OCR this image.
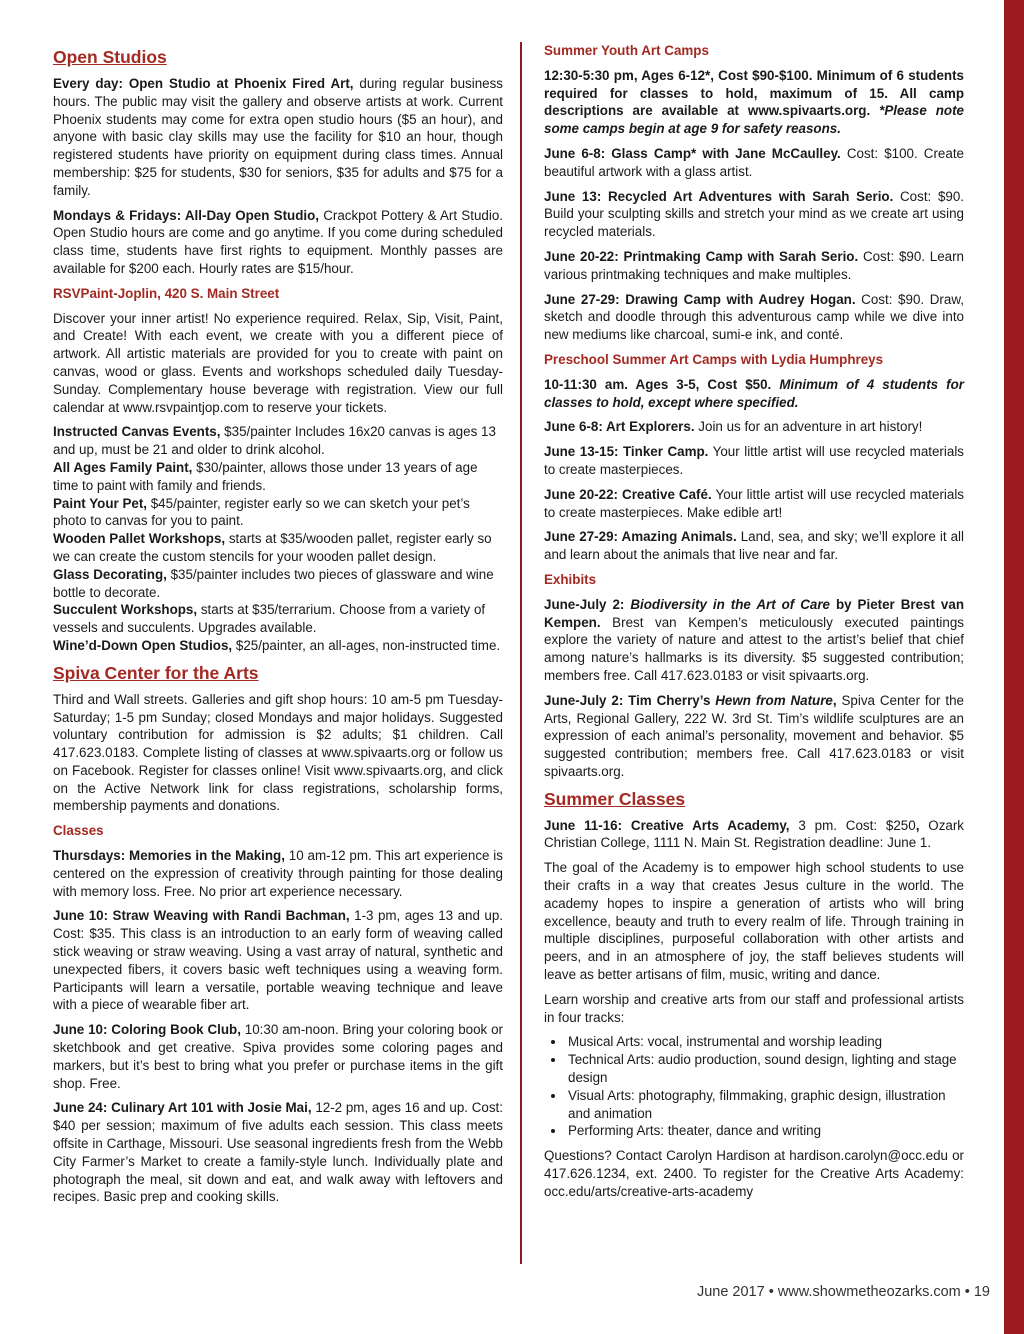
Open Studios

Every day: Open Studio at Phoenix Fired Art, during regular business hours. The public may visit the gallery and observe artists at work. Current Phoenix students may come for extra open studio hours ($5 an hour), and anyone with basic clay skills may use the facility for $10 an hour, though registered students have priority on equipment during class times. Annual membership: $25 for students, $30 for seniors, $35 for adults and $75 for a family.

Mondays & Fridays: All-Day Open Studio, Crackpot Pottery & Art Studio. Open Studio hours are come and go anytime. If you come during scheduled class time, students have first rights to equipment. Monthly passes are available for $200 each. Hourly rates are $15/hour.

RSVPaint-Joplin, 420 S. Main Street

Discover your inner artist! No experience required. Relax, Sip, Visit, Paint, and Create! With each event, we create with you a different piece of artwork. All artistic materials are provided for you to create with paint on canvas, wood or glass. Events and workshops scheduled daily Tuesday-Sunday. Complementary house beverage with registration. View our full calendar at www.rsvpaintjop.com to reserve your tickets.

Instructed Canvas Events, $35/painter Includes 16x20 canvas is ages 13 and up, must be 21 and older to drink alcohol.

All Ages Family Paint, $30/painter, allows those under 13 years of age time to paint with family and friends.

Paint Your Pet, $45/painter, register early so we can sketch your pet’s photo to canvas for you to paint.

Wooden Pallet Workshops, starts at $35/wooden pallet, register early so we can create the custom stencils for your wooden pallet design.

Glass Decorating, $35/painter includes two pieces of glassware and wine bottle to decorate.

Succulent Workshops, starts at $35/terrarium. Choose from a variety of vessels and succulents. Upgrades available.

Wine’d-Down Open Studios, $25/painter, an all-ages, non-instructed time.

Spiva Center for the Arts

Third and Wall streets. Galleries and gift shop hours: 10 am-5 pm Tuesday-Saturday; 1-5 pm Sunday; closed Mondays and major holidays. Suggested voluntary contribution for admission is $2 adults; $1 children. Call 417.623.0183. Complete listing of classes at www.spivaarts.org or follow us on Facebook. Register for classes online! Visit www.spivaarts.org, and click on the Active Network link for class registrations, scholarship forms, membership payments and donations.

Classes

Thursdays: Memories in the Making, 10 am-12 pm. This art experience is centered on the expression of creativity through painting for those dealing with memory loss. Free. No prior art experience necessary.

June 10: Straw Weaving with Randi Bachman, 1-3 pm, ages 13 and up. Cost: $35. This class is an introduction to an early form of weaving called stick weaving or straw weaving. Using a vast array of natural, synthetic and unexpected fibers, it covers basic weft techniques using a weaving form. Participants will learn a versatile, portable weaving technique and leave with a piece of wearable fiber art.

June 10: Coloring Book Club, 10:30 am-noon. Bring your coloring book or sketchbook and get creative. Spiva provides some coloring pages and markers, but it’s best to bring what you prefer or purchase items in the gift shop. Free.

June 24: Culinary Art 101 with Josie Mai, 12-2 pm, ages 16 and up. Cost: $40 per session; maximum of five adults each session. This class meets offsite in Carthage, Missouri. Use seasonal ingredients fresh from the Webb City Farmer’s Market to create a family-style lunch. Individually plate and photograph the meal, sit down and eat, and walk away with leftovers and recipes. Basic prep and cooking skills.

Summer Youth Art Camps

12:30-5:30 pm, Ages 6-12*, Cost $90-$100. Minimum of 6 students required for classes to hold, maximum of 15. All camp descriptions are available at www.spivaarts.org. *Please note some camps begin at age 9 for safety reasons.

June 6-8: Glass Camp* with Jane McCaulley. Cost: $100. Create beautiful artwork with a glass artist.

June 13: Recycled Art Adventures with Sarah Serio. Cost: $90. Build your sculpting skills and stretch your mind as we create art using recycled materials.

June 20-22: Printmaking Camp with Sarah Serio. Cost: $90. Learn various printmaking techniques and make multiples.

June 27-29: Drawing Camp with Audrey Hogan. Cost: $90. Draw, sketch and doodle through this adventurous camp while we dive into new mediums like charcoal, sumi-e ink, and conté.

Preschool Summer Art Camps with Lydia Humphreys

10-11:30 am. Ages 3-5, Cost $50. Minimum of 4 students for classes to hold, except where specified.

June 6-8: Art Explorers. Join us for an adventure in art history!

June 13-15: Tinker Camp. Your little artist will use recycled materials to create masterpieces.

June 20-22: Creative Café. Your little artist will use recycled materials to create masterpieces. Make edible art!

June 27-29: Amazing Animals. Land, sea, and sky; we’ll explore it all and learn about the animals that live near and far.

Exhibits

June-July 2: Biodiversity in the Art of Care by Pieter Brest van Kempen. Brest van Kempen’s meticulously executed paintings explore the variety of nature and attest to the artist’s belief that chief among nature’s hallmarks is its diversity. $5 suggested contribution; members free. Call 417.623.0183 or visit spivaarts.org.

June-July 2: Tim Cherry’s Hewn from Nature, Spiva Center for the Arts, Regional Gallery, 222 W. 3rd St. Tim’s wildlife sculptures are an expression of each animal’s personality, movement and behavior. $5 suggested contribution; members free. Call 417.623.0183 or visit spivaarts.org.

Summer Classes

June 11-16: Creative Arts Academy, 3 pm. Cost: $250, Ozark Christian College, 1111 N. Main St. Registration deadline: June 1.

The goal of the Academy is to empower high school students to use their crafts in a way that creates Jesus culture in the world. The academy hopes to inspire a generation of artists who will bring excellence, beauty and truth to every realm of life. Through training in multiple disciplines, purposeful collaboration with other artists and peers, and in an atmosphere of joy, the staff believes students will leave as better artisans of film, music, writing and dance.

Learn worship and creative arts from our staff and professional artists in four tracks:

• Musical Arts: vocal, instrumental and worship leading
• Technical Arts: audio production, sound design, lighting and stage design
• Visual Arts: photography, filmmaking, graphic design, illustration and animation
• Performing Arts: theater, dance and writing

Questions? Contact Carolyn Hardison at hardison.carolyn@occ.edu or 417.626.1234, ext. 2400. To register for the Creative Arts Academy: occ.edu/arts/creative-arts-academy

June 2017 • www.showmetheozarks.com • 19
